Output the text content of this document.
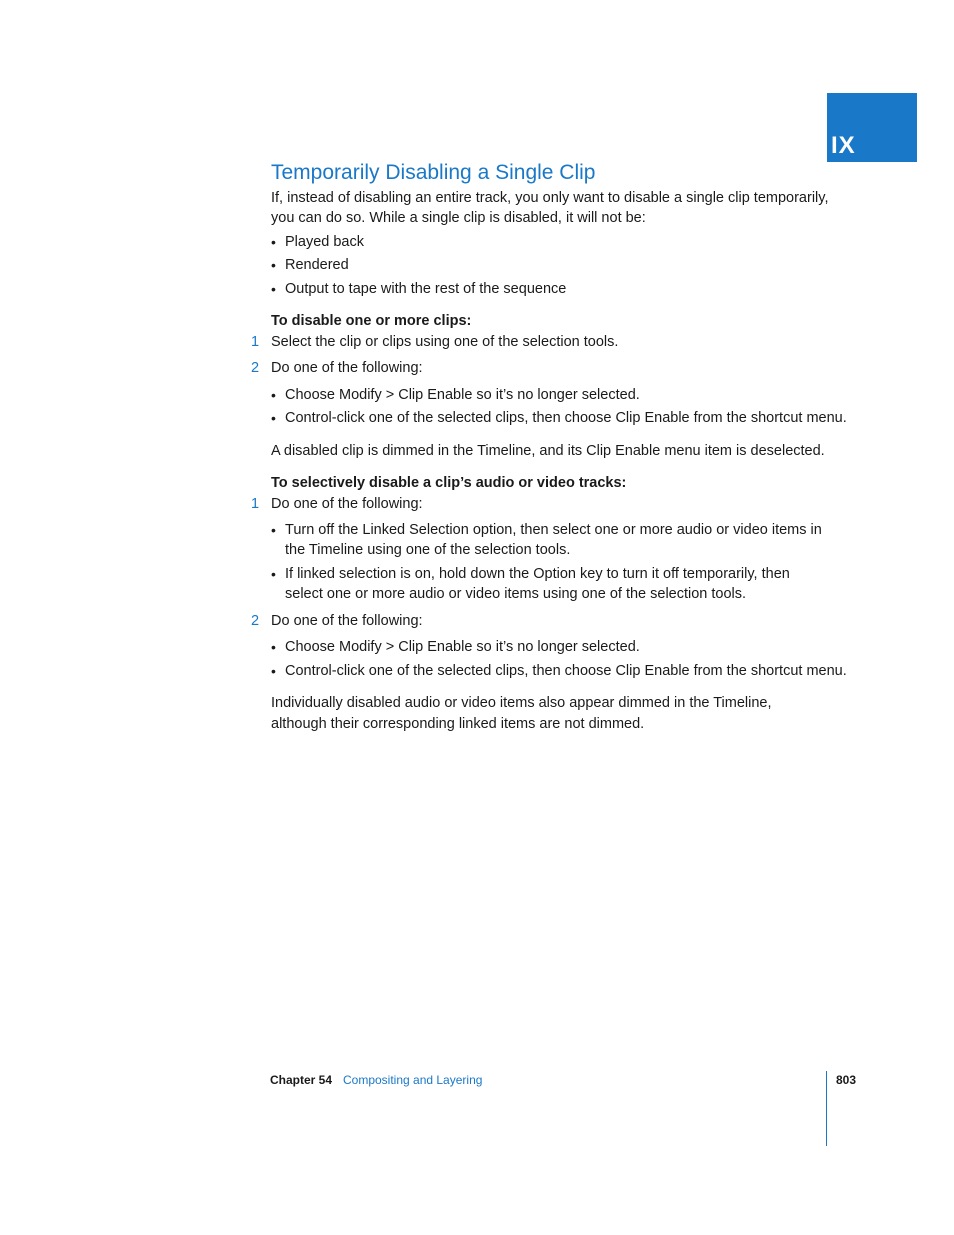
IX
Temporarily Disabling a Single Clip
If, instead of disabling an entire track, you only want to disable a single clip temporarily,
you can do so. While a single clip is disabled, it will not be:
• Played back
• Rendered
• Output to tape with the rest of the sequence
To disable one or more clips:
1 Select the clip or clips using one of the selection tools.
2 Do one of the following:
• Choose Modify > Clip Enable so it’s no longer selected.
• Control-click one of the selected clips, then choose Clip Enable from the shortcut menu.
A disabled clip is dimmed in the Timeline, and its Clip Enable menu item is deselected.
To selectively disable a clip’s audio or video tracks:
1 Do one of the following:
• Turn off the Linked Selection option, then select one or more audio or video items in
the Timeline using one of the selection tools.
• If linked selection is on, hold down the Option key to turn it off temporarily, then
select one or more audio or video items using one of the selection tools.
2 Do one of the following:
• Choose Modify > Clip Enable so it’s no longer selected.
• Control-click one of the selected clips, then choose Clip Enable from the shortcut menu.
Individually disabled audio or video items also appear dimmed in the Timeline,
although their corresponding linked items are not dimmed.
Chapter 54 Compositing and Layering	803
